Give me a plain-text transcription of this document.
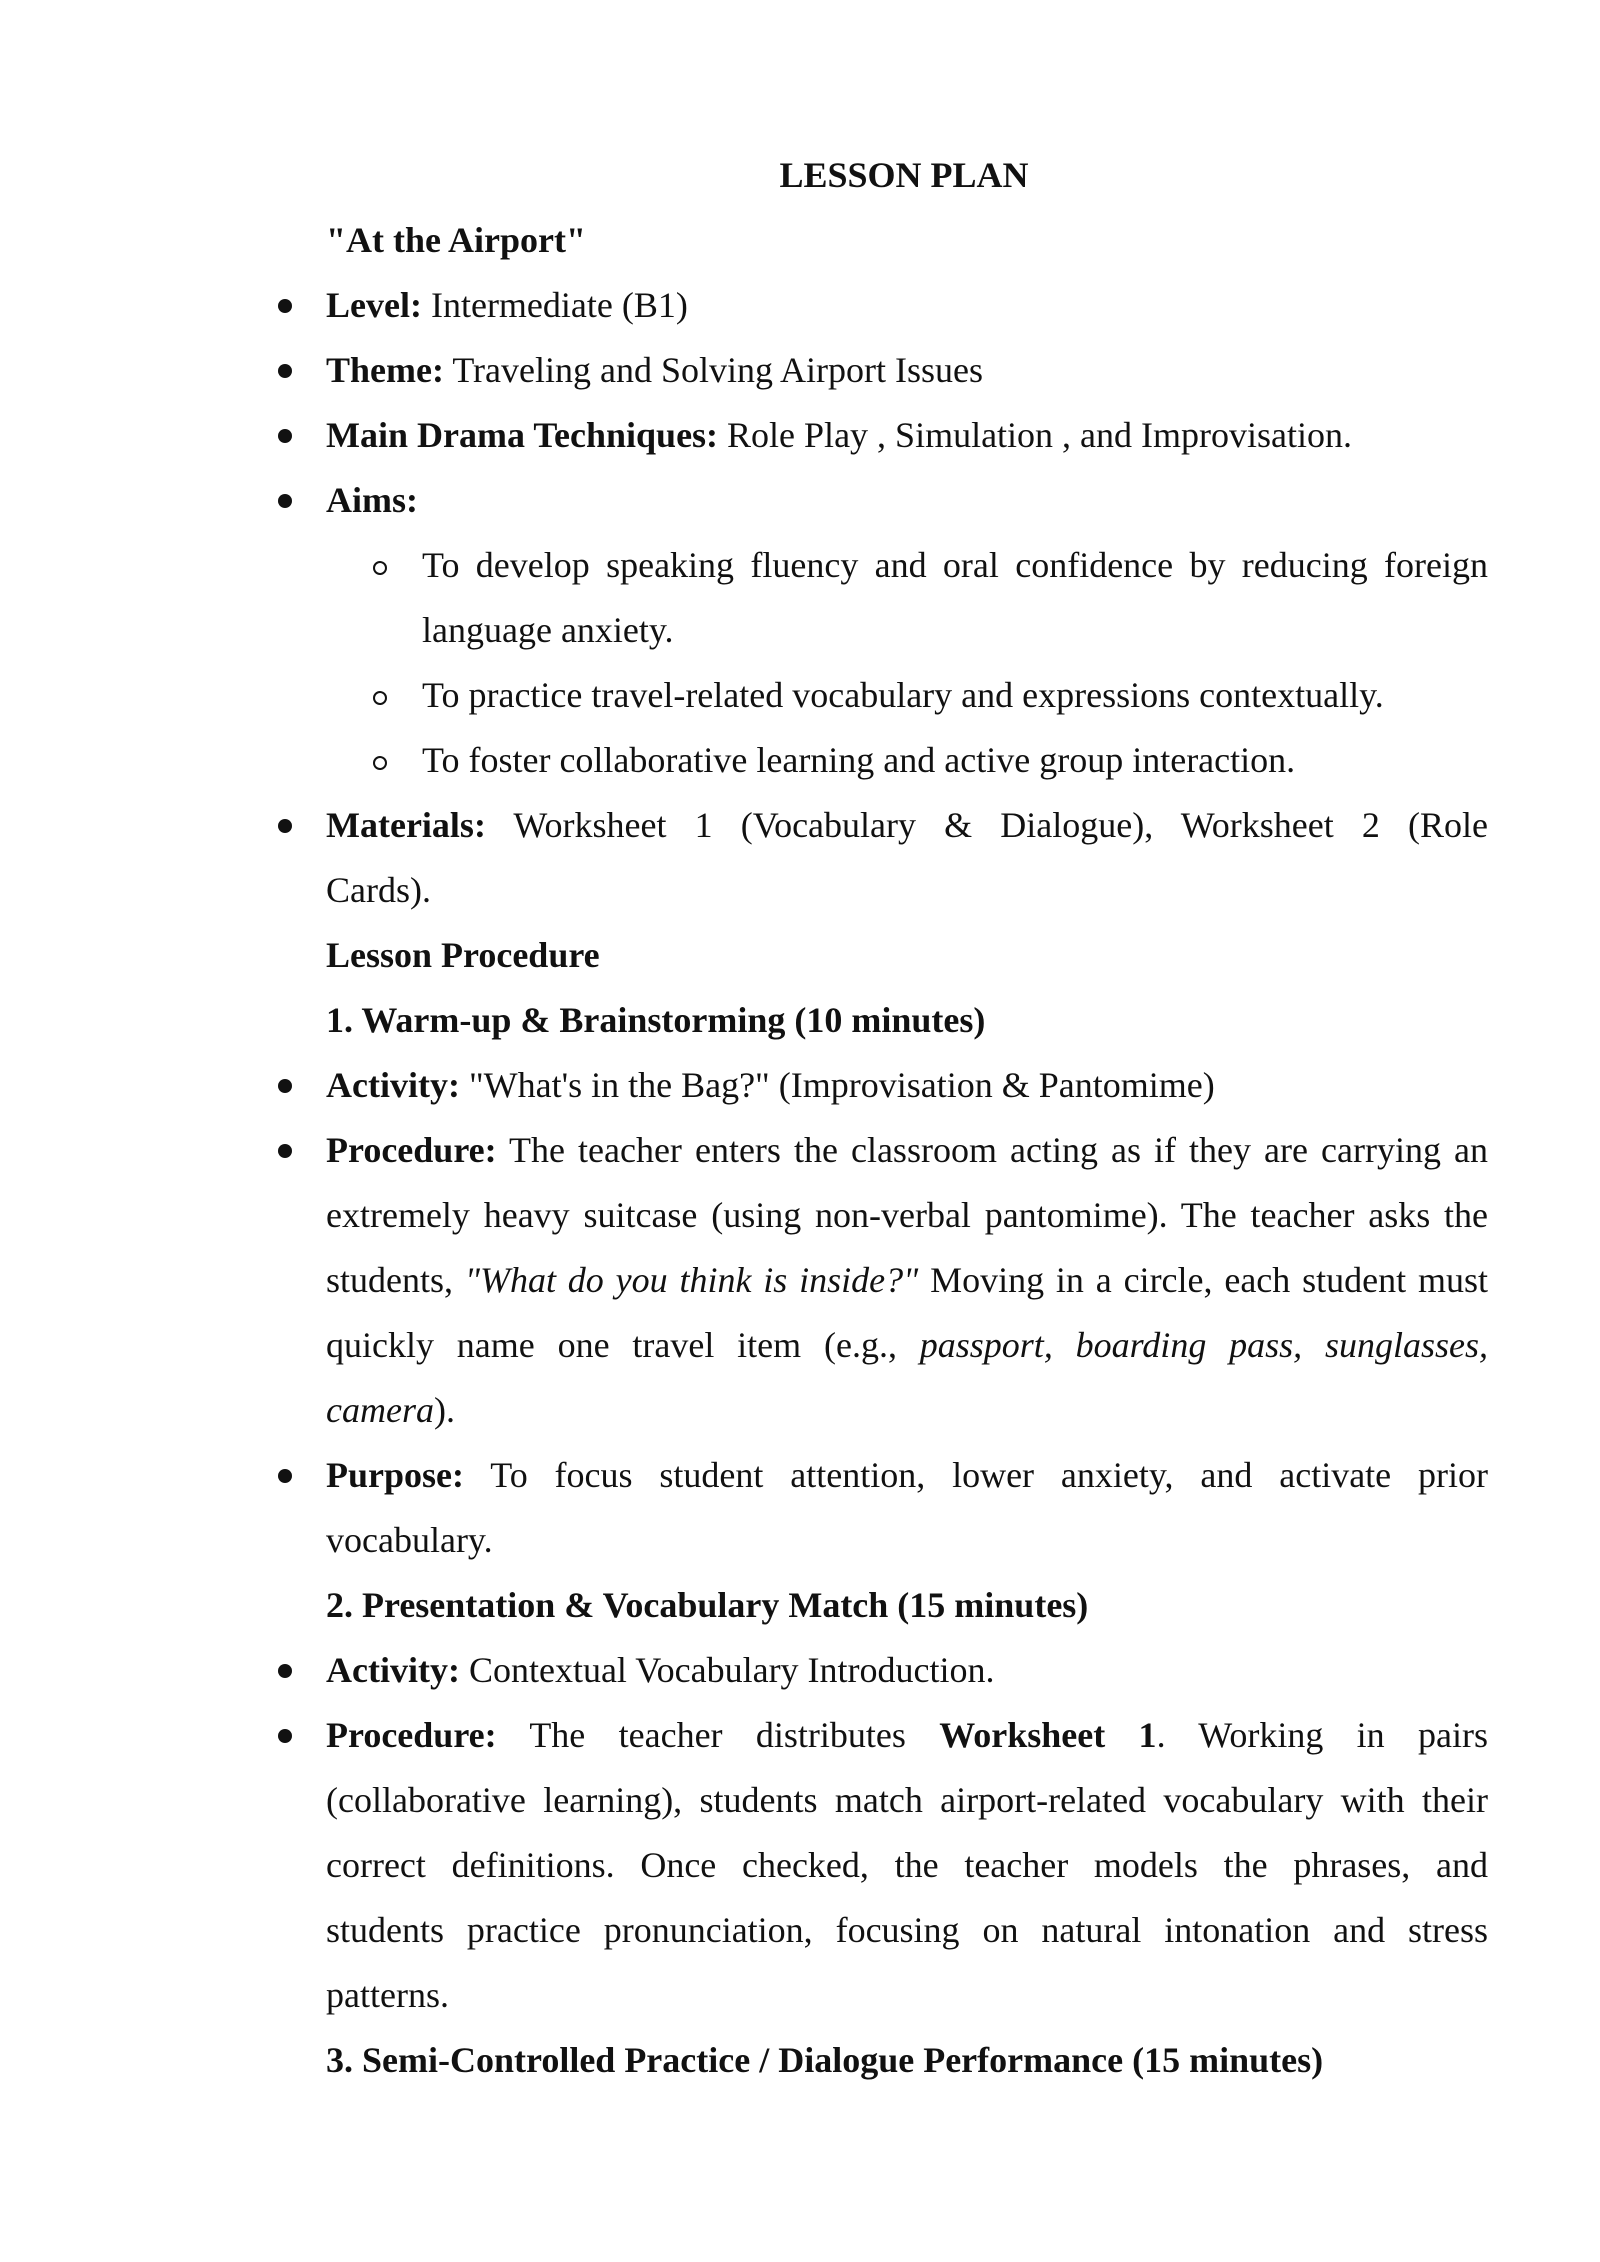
LESSON PLAN
"At the Airport"
Level: Intermediate (B1)
Theme: Traveling and Solving Airport Issues
Main Drama Techniques: Role Play , Simulation , and Improvisation.
Aims:
To develop speaking fluency and oral confidence by reducing foreign
language anxiety.
To practice travel-related vocabulary and expressions contextually.
To foster collaborative learning and active group interaction.
Materials: Worksheet 1 (Vocabulary & Dialogue), Worksheet 2 (Role
Cards).
Lesson Procedure
1. Warm-up & Brainstorming (10 minutes)
Activity: "What's in the Bag?" (Improvisation & Pantomime)
Procedure: The teacher enters the classroom acting as if they are carrying an
extremely heavy suitcase (using non-verbal pantomime). The teacher asks the
students, "What do you think is inside?" Moving in a circle, each student must
quickly name one travel item (e.g., passport, boarding pass, sunglasses,
camera).
Purpose: To focus student attention, lower anxiety, and activate prior
vocabulary.
2. Presentation & Vocabulary Match (15 minutes)
Activity: Contextual Vocabulary Introduction.
Procedure: The teacher distributes Worksheet 1. Working in pairs
(collaborative learning), students match airport-related vocabulary with their
correct definitions. Once checked, the teacher models the phrases, and
students practice pronunciation, focusing on natural intonation and stress
patterns.
3. Semi-Controlled Practice / Dialogue Performance (15 minutes)
